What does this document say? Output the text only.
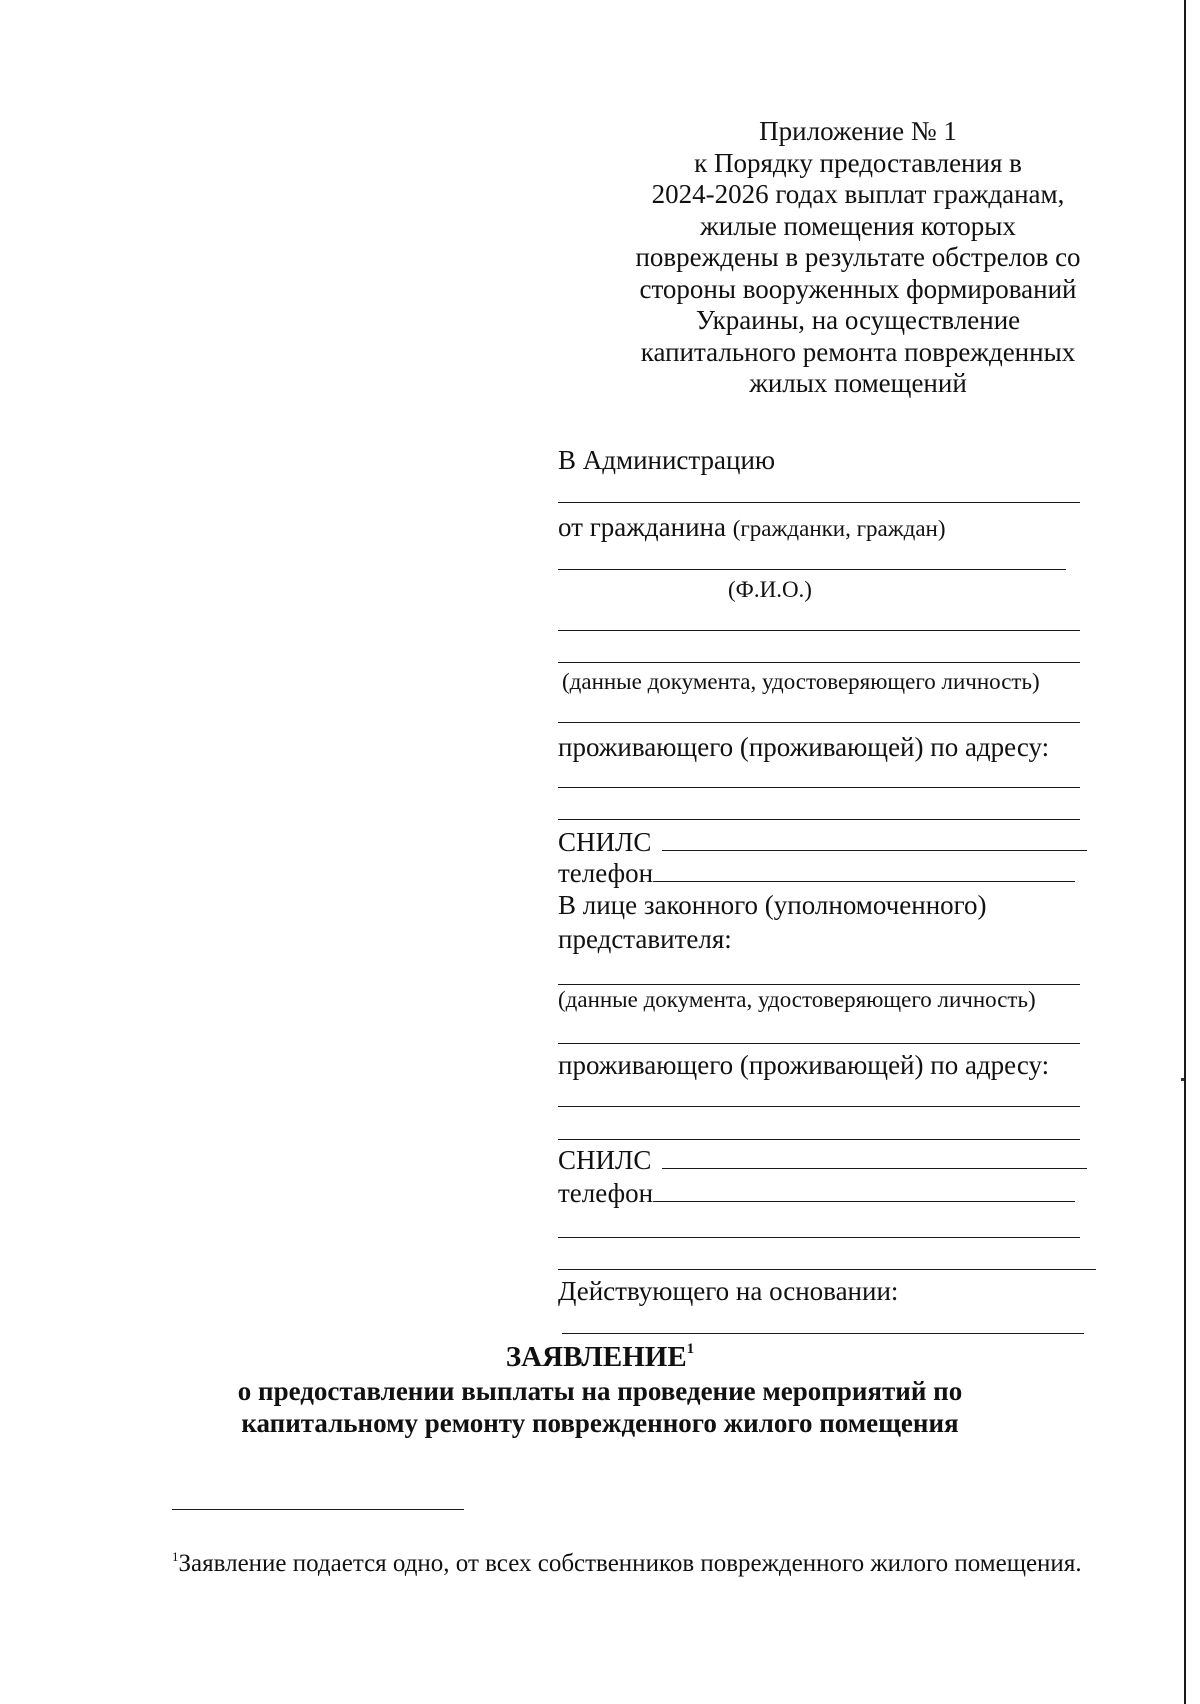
Приложение № 1
к Порядку предоставления в
2024-2026 годах выплат гражданам,
жилые помещения которых
повреждены в результате обстрелов со
стороны вооруженных формирований
Украины, на осуществление
капитального ремонта поврежденных
жилых помещений
В Администрацию
от гражданина (гражданки, граждан)
(Ф.И.О.)
(данные документа, удостоверяющего личность)
проживающего (проживающей) по адресу:
СНИЛС
телефон
В лице законного (уполномоченного)
представителя:
(данные документа, удостоверяющего личность)
проживающего (проживающей) по адресу:
СНИЛС
телефон
Действующего на основании:
ЗАЯВЛЕНИЕ$^1$
о предоставлении выплаты на проведение мероприятий по
капитальному ремонту поврежденного жилого помещения
$^1$Заявление подается одно, от всех собственников поврежденного жилого помещения.
